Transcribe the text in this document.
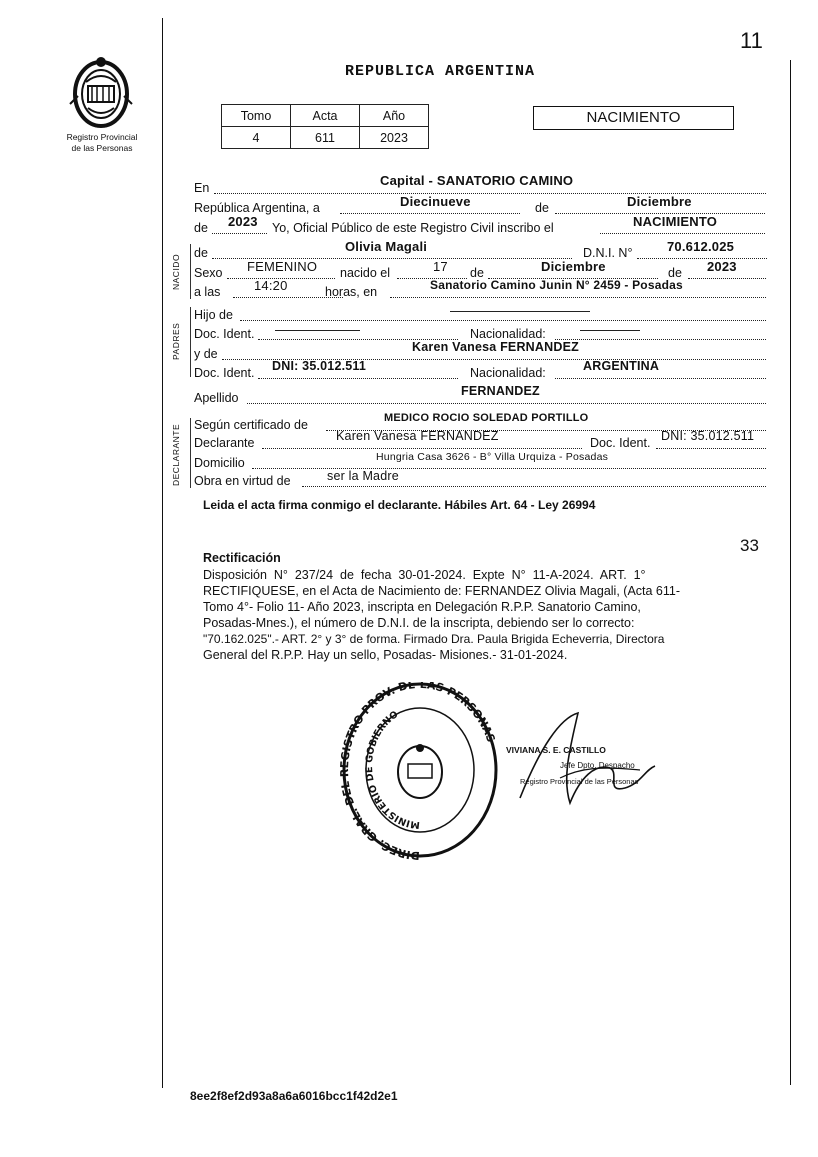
11
Registro Provincial
de las Personas
REPUBLICA ARGENTINA
Tomo	Acta	Año
4	611	2023
NACIMIENTO
En	Capital - SANATORIO CAMINO
República Argentina, a	Diecinueve	de	Diciembre
de 2023 Yo, Oficial Público de este Registro Civil inscribo el	NACIMIENTO
NACIDO
de	Olivia Magali	D.N.I. N°	70.612.025
Sexo FEMENINO nacido el	17 de	Diciembre	de 2023
a las	14:20	horas, en	Sanatorio Camino Junin N° 2459 - Posadas
PADRES
Hijo de
Doc. Ident.	Nacionalidad:
y de	Karen Vanesa FERNANDEZ
Doc. Ident. DNI: 35.012.511	Nacionalidad:	ARGENTINA
Apellido	FERNANDEZ
DECLARANTE Según certificado de	MEDICO ROCIO SOLEDAD PORTILLO
Declarante	Karen Vanesa FERNANDEZ	Doc. Ident. DNI: 35.012.511
Domicilio	Hungria Casa 3626 - B° Villa Urquiza - Posadas
Obra en virtud de	ser la Madre
Leida el acta firma conmigo el declarante. Hábiles Art. 64 - Ley 26994
33
Rectificación
Disposición  N°  237/24  de  fecha  30-01-2024.  Expte  N°  11-A-2024.  ART.  1°
RECTIFIQUESE, en el Acta de Nacimiento de: FERNANDEZ Olivia Magali, (Acta 611-
Tomo 4°- Folio 11- Año 2023, inscripta en Delegación R.P.P. Sanatorio Camino,
Posadas-Mnes.), el número de D.N.I. de la inscripta, debiendo ser lo correcto:
"70.162.025".- ART. 2° y 3° de forma. Firmado Dra. Paula Brigida Echeverria, Directora
General del R.P.P. Hay un sello, Posadas- Misiones.- 31-01-2024.
DIREC. GRAL. DEL ISTRO PROV. DE LAS PERSONAS
MINISTERIO DE GOBIERNO
VIVIANA S. E. CASTILLO
Jefe Dpto. Despacho
Registro Provincial de las Personas
8ee2f8ef2d93a8a6a6016bcc1f42d2e1
